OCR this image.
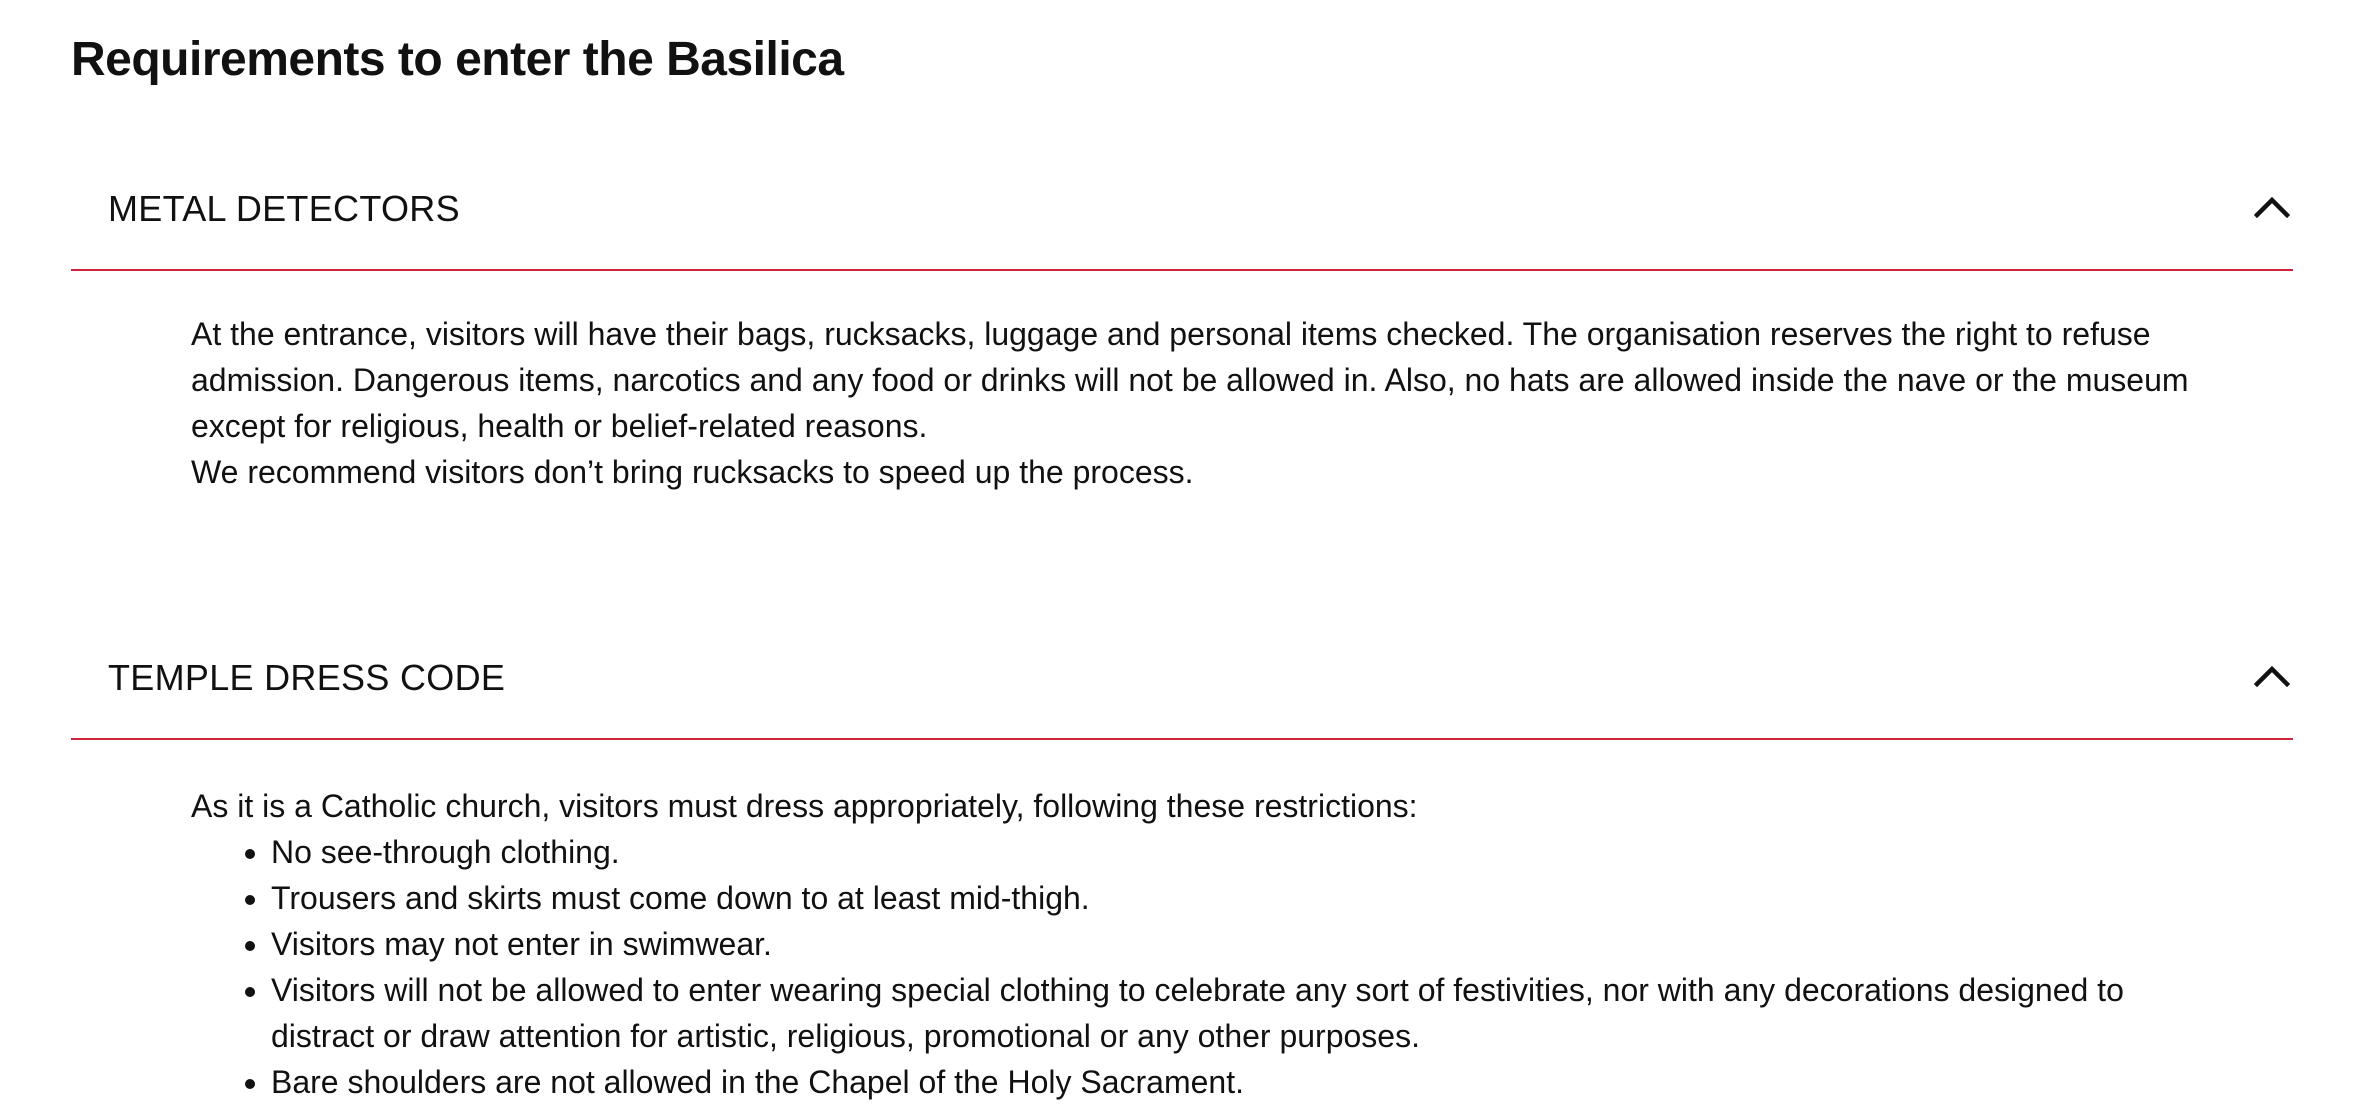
Requirements to enter the Basilica
METAL DETECTORS

At the entrance, visitors will have their bags, rucksacks, luggage and personal items checked. The organisation reserves the right to refuse admission. Dangerous items, narcotics and any food or drinks will not be allowed in. Also, no hats are allowed inside the nave or the museum except for religious, health or belief-related reasons.

We recommend visitors don’t bring rucksacks to speed up the process.

TEMPLE DRESS CODE

As it is a Catholic church, visitors must dress appropriately, following these restrictions:

• No see-through clothing.
• Trousers and skirts must come down to at least mid-thigh.
• Visitors may not enter in swimwear.
• Visitors will not be allowed to enter wearing special clothing to celebrate any sort of festivities, nor with any decorations designed to distract or draw attention for artistic, religious, promotional or any other purposes.
• Bare shoulders are not allowed in the Chapel of the Holy Sacrament.
